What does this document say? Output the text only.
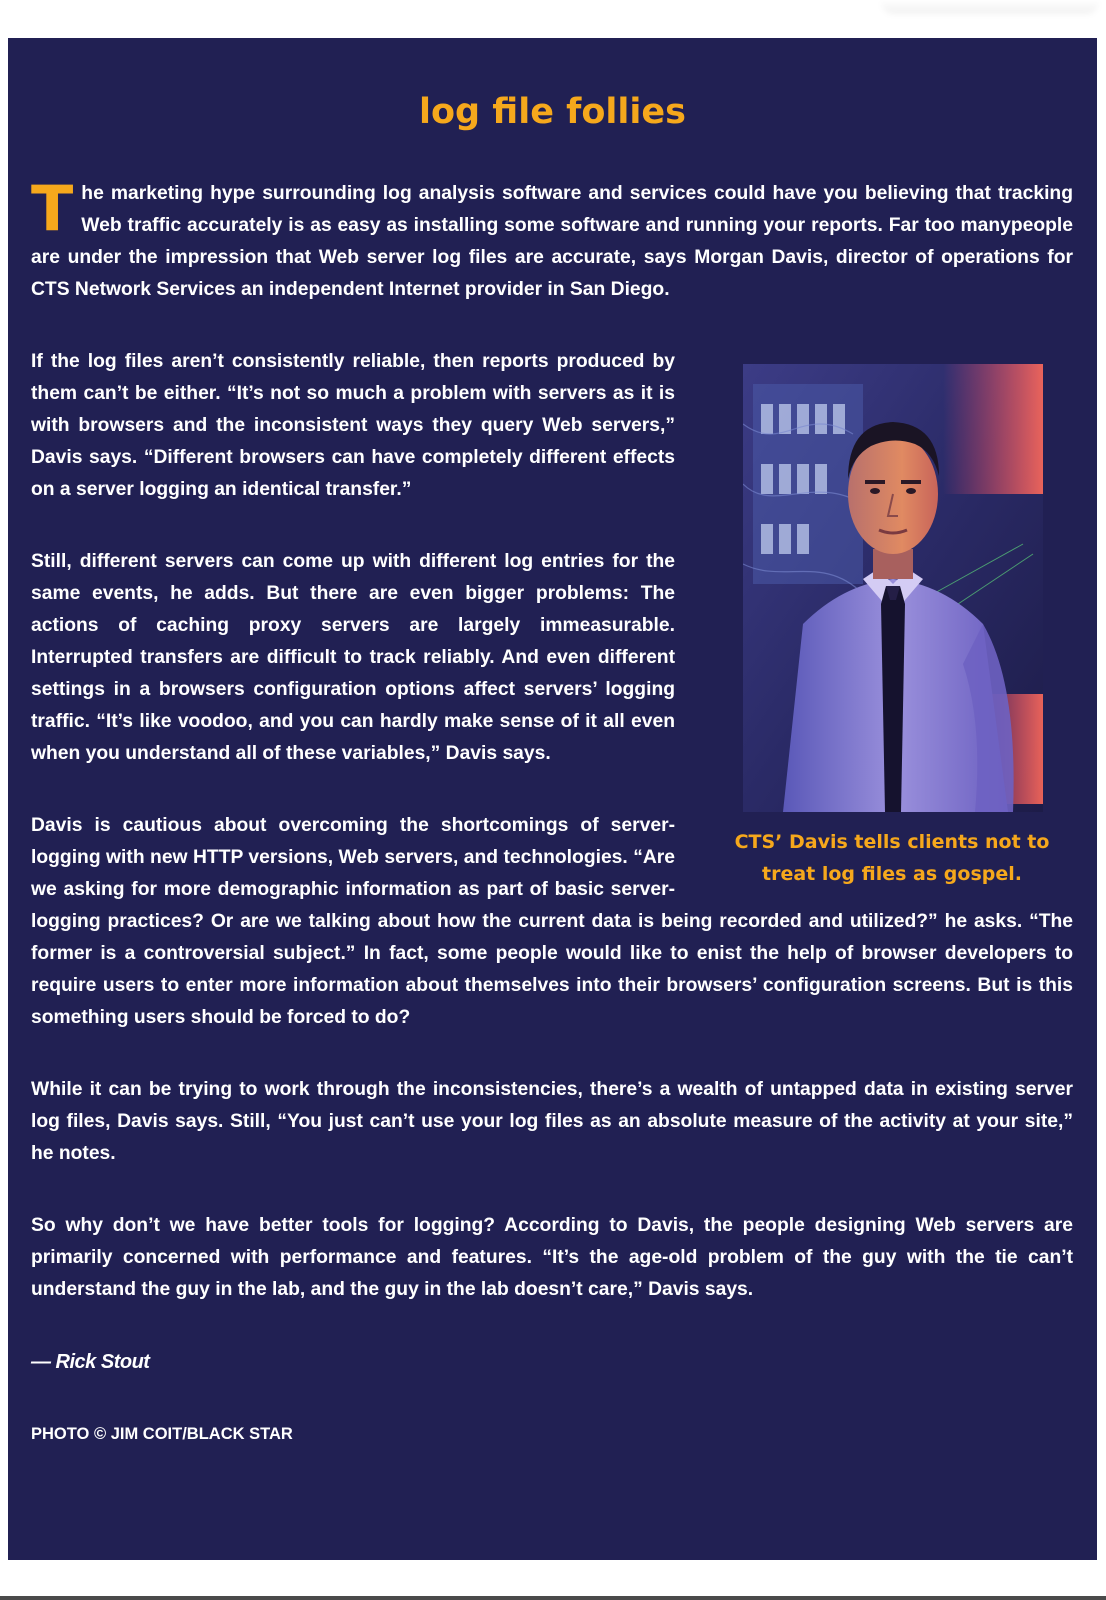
log file follies

The marketing hype surrounding log analysis software and services could have you believing that tracking Web traffic accurately is as easy as installing some software and running your reports. Far too manypeople are under the impression that Web server log files are accurate, says Morgan Davis, director of operations for CTS Network Services an independent Internet provider in San Diego.

CTS’ Davis tells clients not to treat log files as gospel.

If the log files aren’t consistently reliable, then reports produced by them can’t be either. “It’s not so much a problem with servers as it is with browsers and the inconsistent ways they query Web servers,” Davis says. “Different browsers can have completely different effects on a server logging an identical transfer.”

Still, different servers can come up with different log entries for the same events, he adds. But there are even bigger problems: The actions of caching proxy servers are largely immeasurable. Interrupted transfers are difficult to track reliably. And even different settings in a browsers configuration options affect servers’ logging traffic. “It’s like voodoo, and you can hardly make sense of it all even when you understand all of these variables,” Davis says.

Davis is cautious about overcoming the shortcomings of server-logging with new HTTP versions, Web servers, and technologies. “Are we asking for more demographic information as part of basic server-logging practices? Or are we talking about how the current data is being recorded and utilized?” he asks. “The former is a controversial subject.” In fact, some people would like to enist the help of browser developers to require users to enter more information about themselves into their browsers’ configuration screens. But is this something users should be forced to do?

While it can be trying to work through the inconsistencies, there’s a wealth of untapped data in existing server log files, Davis says. Still, “You just can’t use your log files as an absolute measure of the activity at your site,” he notes.

So why don’t we have better tools for logging? According to Davis, the people designing Web servers are primarily concerned with performance and features. “It’s the age-old problem of the guy with the tie can’t understand the guy in the lab, and the guy in the lab doesn’t care,” Davis says.

— Rick Stout

PHOTO © JIM COIT/BLACK STAR
